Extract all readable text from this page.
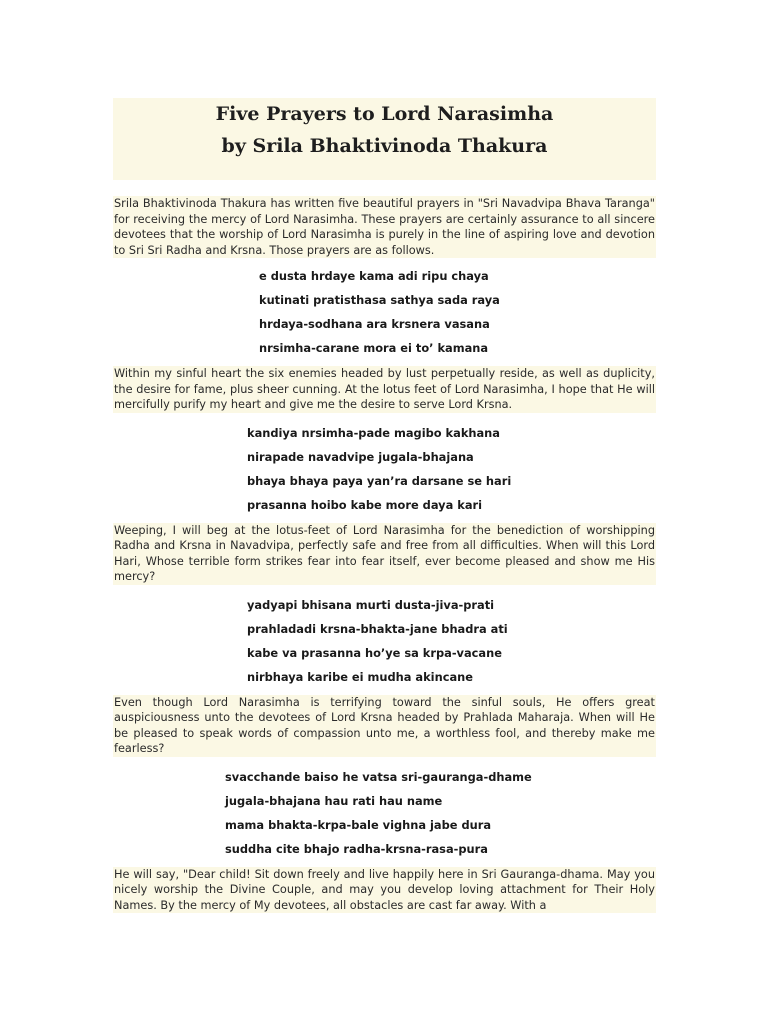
Five Prayers to Lord Narasimha
by Srila Bhaktivinoda Thakura

Srila Bhaktivinoda Thakura has written five beautiful prayers in "Sri Navadvipa Bhava Taranga" for receiving the mercy of Lord Narasimha. These prayers are certainly assurance to all sincere devotees that the worship of Lord Narasimha is purely in the line of aspiring love and devotion to Sri Sri Radha and Krsna. Those prayers are as follows.

e dusta hrdaye kama adi ripu chaya
kutinati pratisthasa sathya sada raya
hrdaya-sodhana ara krsnera vasana
nrsimha-carane mora ei to’ kamana

Within my sinful heart the six enemies headed by lust perpetually reside, as well as duplicity, the desire for fame, plus sheer cunning. At the lotus feet of Lord Narasimha, I hope that He will mercifully purify my heart and give me the desire to serve Lord Krsna.

kandiya nrsimha-pade magibo kakhana
nirapade navadvipe jugala-bhajana
bhaya bhaya paya yan’ra darsane se hari
prasanna hoibo kabe more daya kari

Weeping, I will beg at the lotus-feet of Lord Narasimha for the benediction of worshipping Radha and Krsna in Navadvipa, perfectly safe and free from all difficulties. When will this Lord Hari, Whose terrible form strikes fear into fear itself, ever become pleased and show me His mercy?

yadyapi bhisana murti dusta-jiva-prati
prahladadi krsna-bhakta-jane bhadra ati
kabe va prasanna ho’ye sa krpa-vacane
nirbhaya karibe ei mudha akincane

Even though Lord Narasimha is terrifying toward the sinful souls, He offers great auspiciousness unto the devotees of Lord Krsna headed by Prahlada Maharaja. When will He be pleased to speak words of compassion unto me, a worthless fool, and thereby make me fearless?

svacchande baiso he vatsa sri-gauranga-dhame
jugala-bhajana hau rati hau name
mama bhakta-krpa-bale vighna jabe dura
suddha cite bhajo radha-krsna-rasa-pura

He will say, "Dear child! Sit down freely and live happily here in Sri Gauranga-dhama. May you nicely worship the Divine Couple, and may you develop loving attachment for Their Holy Names. By the mercy of My devotees, all obstacles are cast far away. With a
